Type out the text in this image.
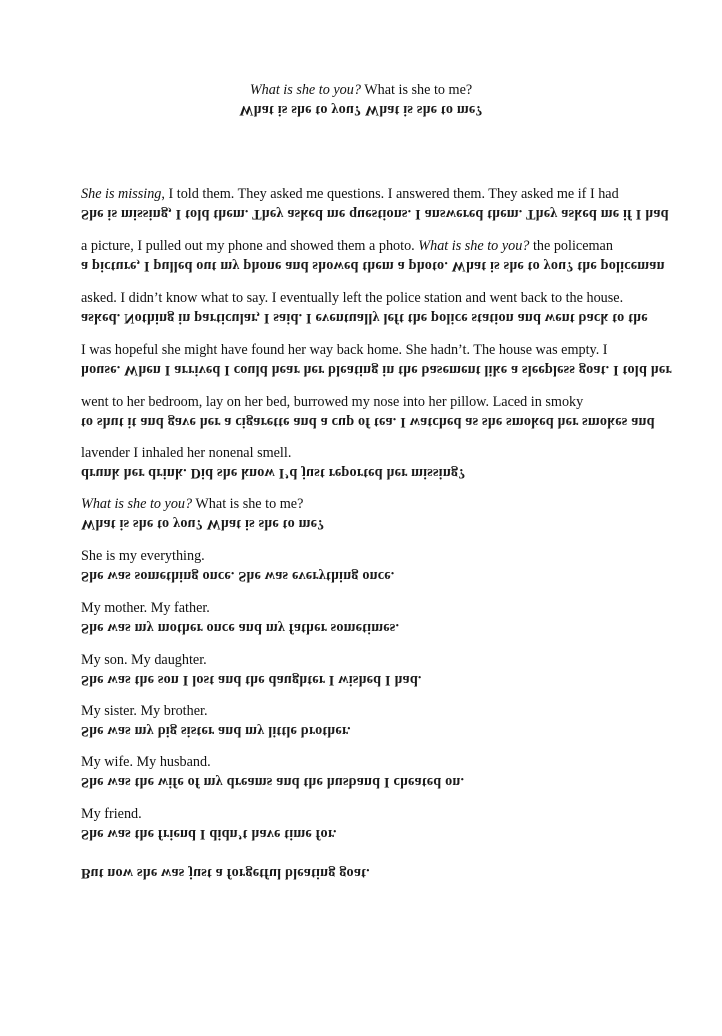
What is she to you? What is she to me?
What is she to you? What is she to me?
She is missing, I told them. They asked me questions. I answered them. They asked me if I had
She is missing, I told them. They asked me questions. I answered them. They asked me if I had
a picture, I pulled out my phone and showed them a photo. What is she to you? the policeman
a picture, I pulled out my phone and showed them a photo. What is she to you? the policeman
asked. I didn’t know what to say. I eventually left the police station and went back to the house.
asked. Nothing in particular, I said. I eventually left the police station and went back to the
I was hopeful she might have found her way back home. She hadn’t. The house was empty. I
house. When I arrived I could hear her bleating in the basement like a sleepless goat. I told her
went to her bedroom, lay on her bed, burrowed my nose into her pillow. Laced in smoky
to shut it and gave her a cigarette and a cup of tea. I watched as she smoked her smokes and
lavender I inhaled her nonenal smell.
drunk her drink. Did she know I’d just reported her missing?
What is she to you? What is she to me?
What is she to you? What is she to me?
She is my everything.
She was something once. She was everything once.
My mother. My father.
She was my mother once and my father sometimes.
My son. My daughter.
She was the son I lost and the daughter I wished I had.
My sister. My brother.
She was my big sister and my little brother.
My wife. My husband.
She was the wife of my dreams and the husband I cheated on.
My friend.
She was the friend I didn’t have time for.
But now she was just a forgetful bleating goat.
